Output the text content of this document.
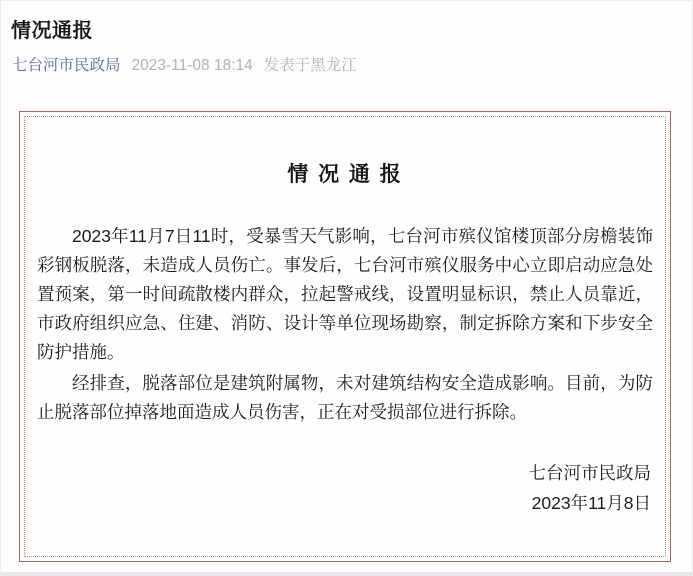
情况通报
七台河市民政局 2023-11-08 18:14 发表于黑龙江
情 况 通 报

2023年11月7日11时，受暴雪天气影响，七台河市殡仪馆楼顶部分房檐装饰彩钢板脱落，未造成人员伤亡。事发后，七台河市殡仪服务中心立即启动应急处置预案，第一时间疏散楼内群众，拉起警戒线，设置明显标识，禁止人员靠近，市政府组织应急、住建、消防、设计等单位现场勘察，制定拆除方案和下步安全防护措施。

经排查，脱落部位是建筑附属物，未对建筑结构安全造成影响。目前，为防止脱落部位掉落地面造成人员伤害，正在对受损部位进行拆除。

七台河市民政局
2023年11月8日
